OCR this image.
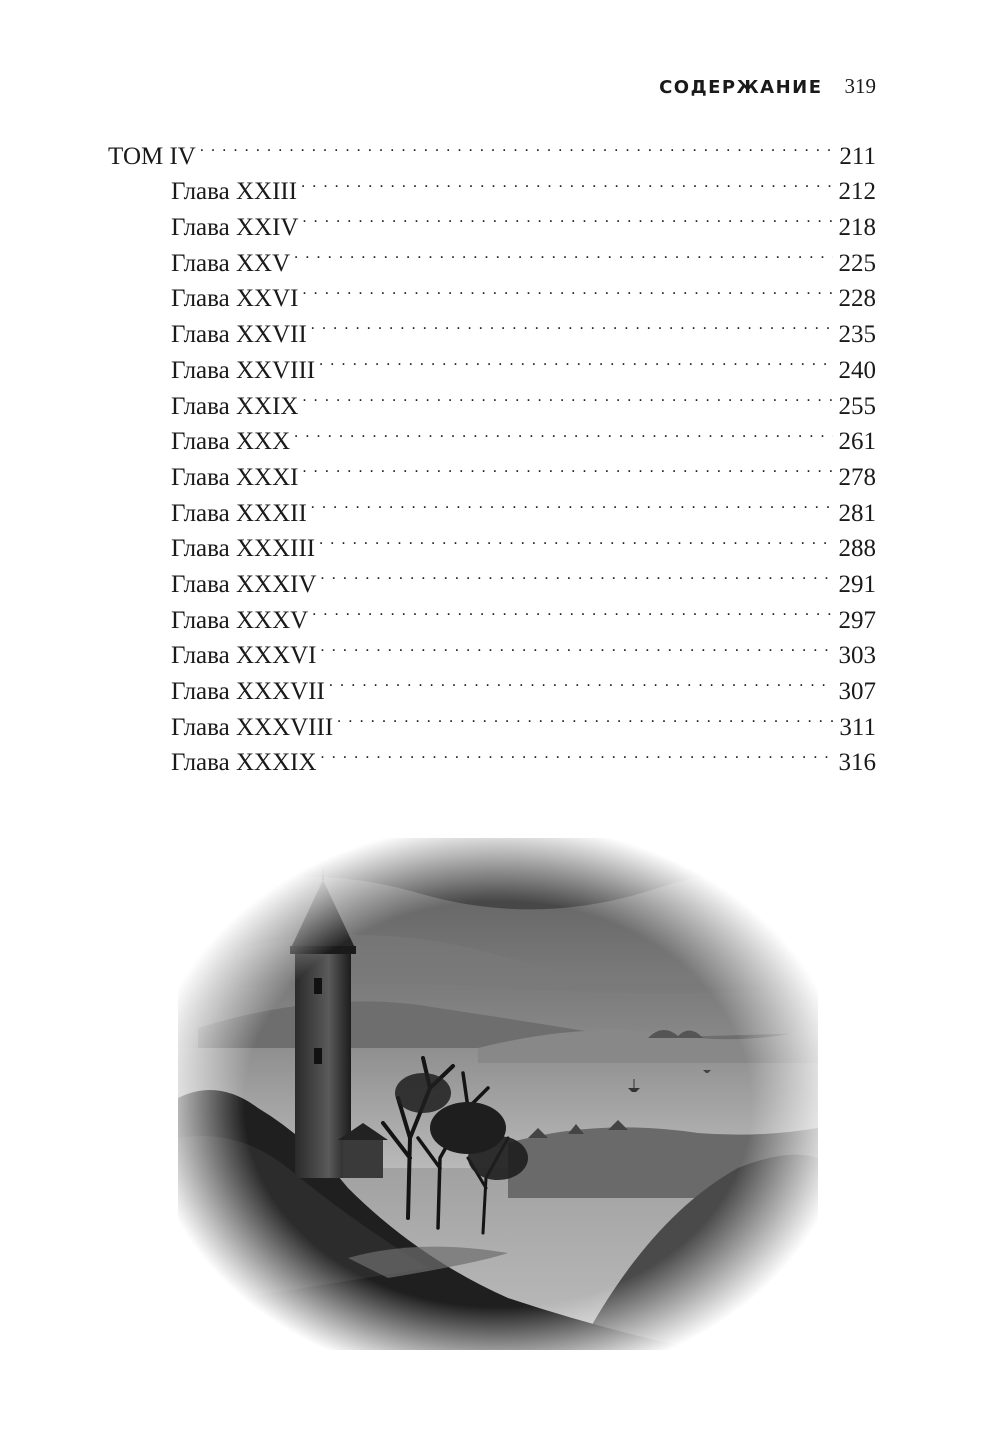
СОДЕРЖАНИЕ 319
ТОМ IV . . .	211
Глава XXIII . . .	212
Глава XXIV . . .	218
Глава XXV . . .	225
Глава XXVI . . .	228
Глава XXVII . . .	235
Глава XXVIII . . .	240
Глава XXIX . . .	255
Глава XXX . . .	261
Глава XXXI . . .	278
Глава XXXII . . .	281
Глава XXXIII . . .	288
Глава XXXIV . . .	291
Глава XXXV . . .	297
Глава XXXVI . . .	303
Глава XXXVII . . .	307
Глава XXXVIII . . .	311
Глава XXXIX . . .	316
